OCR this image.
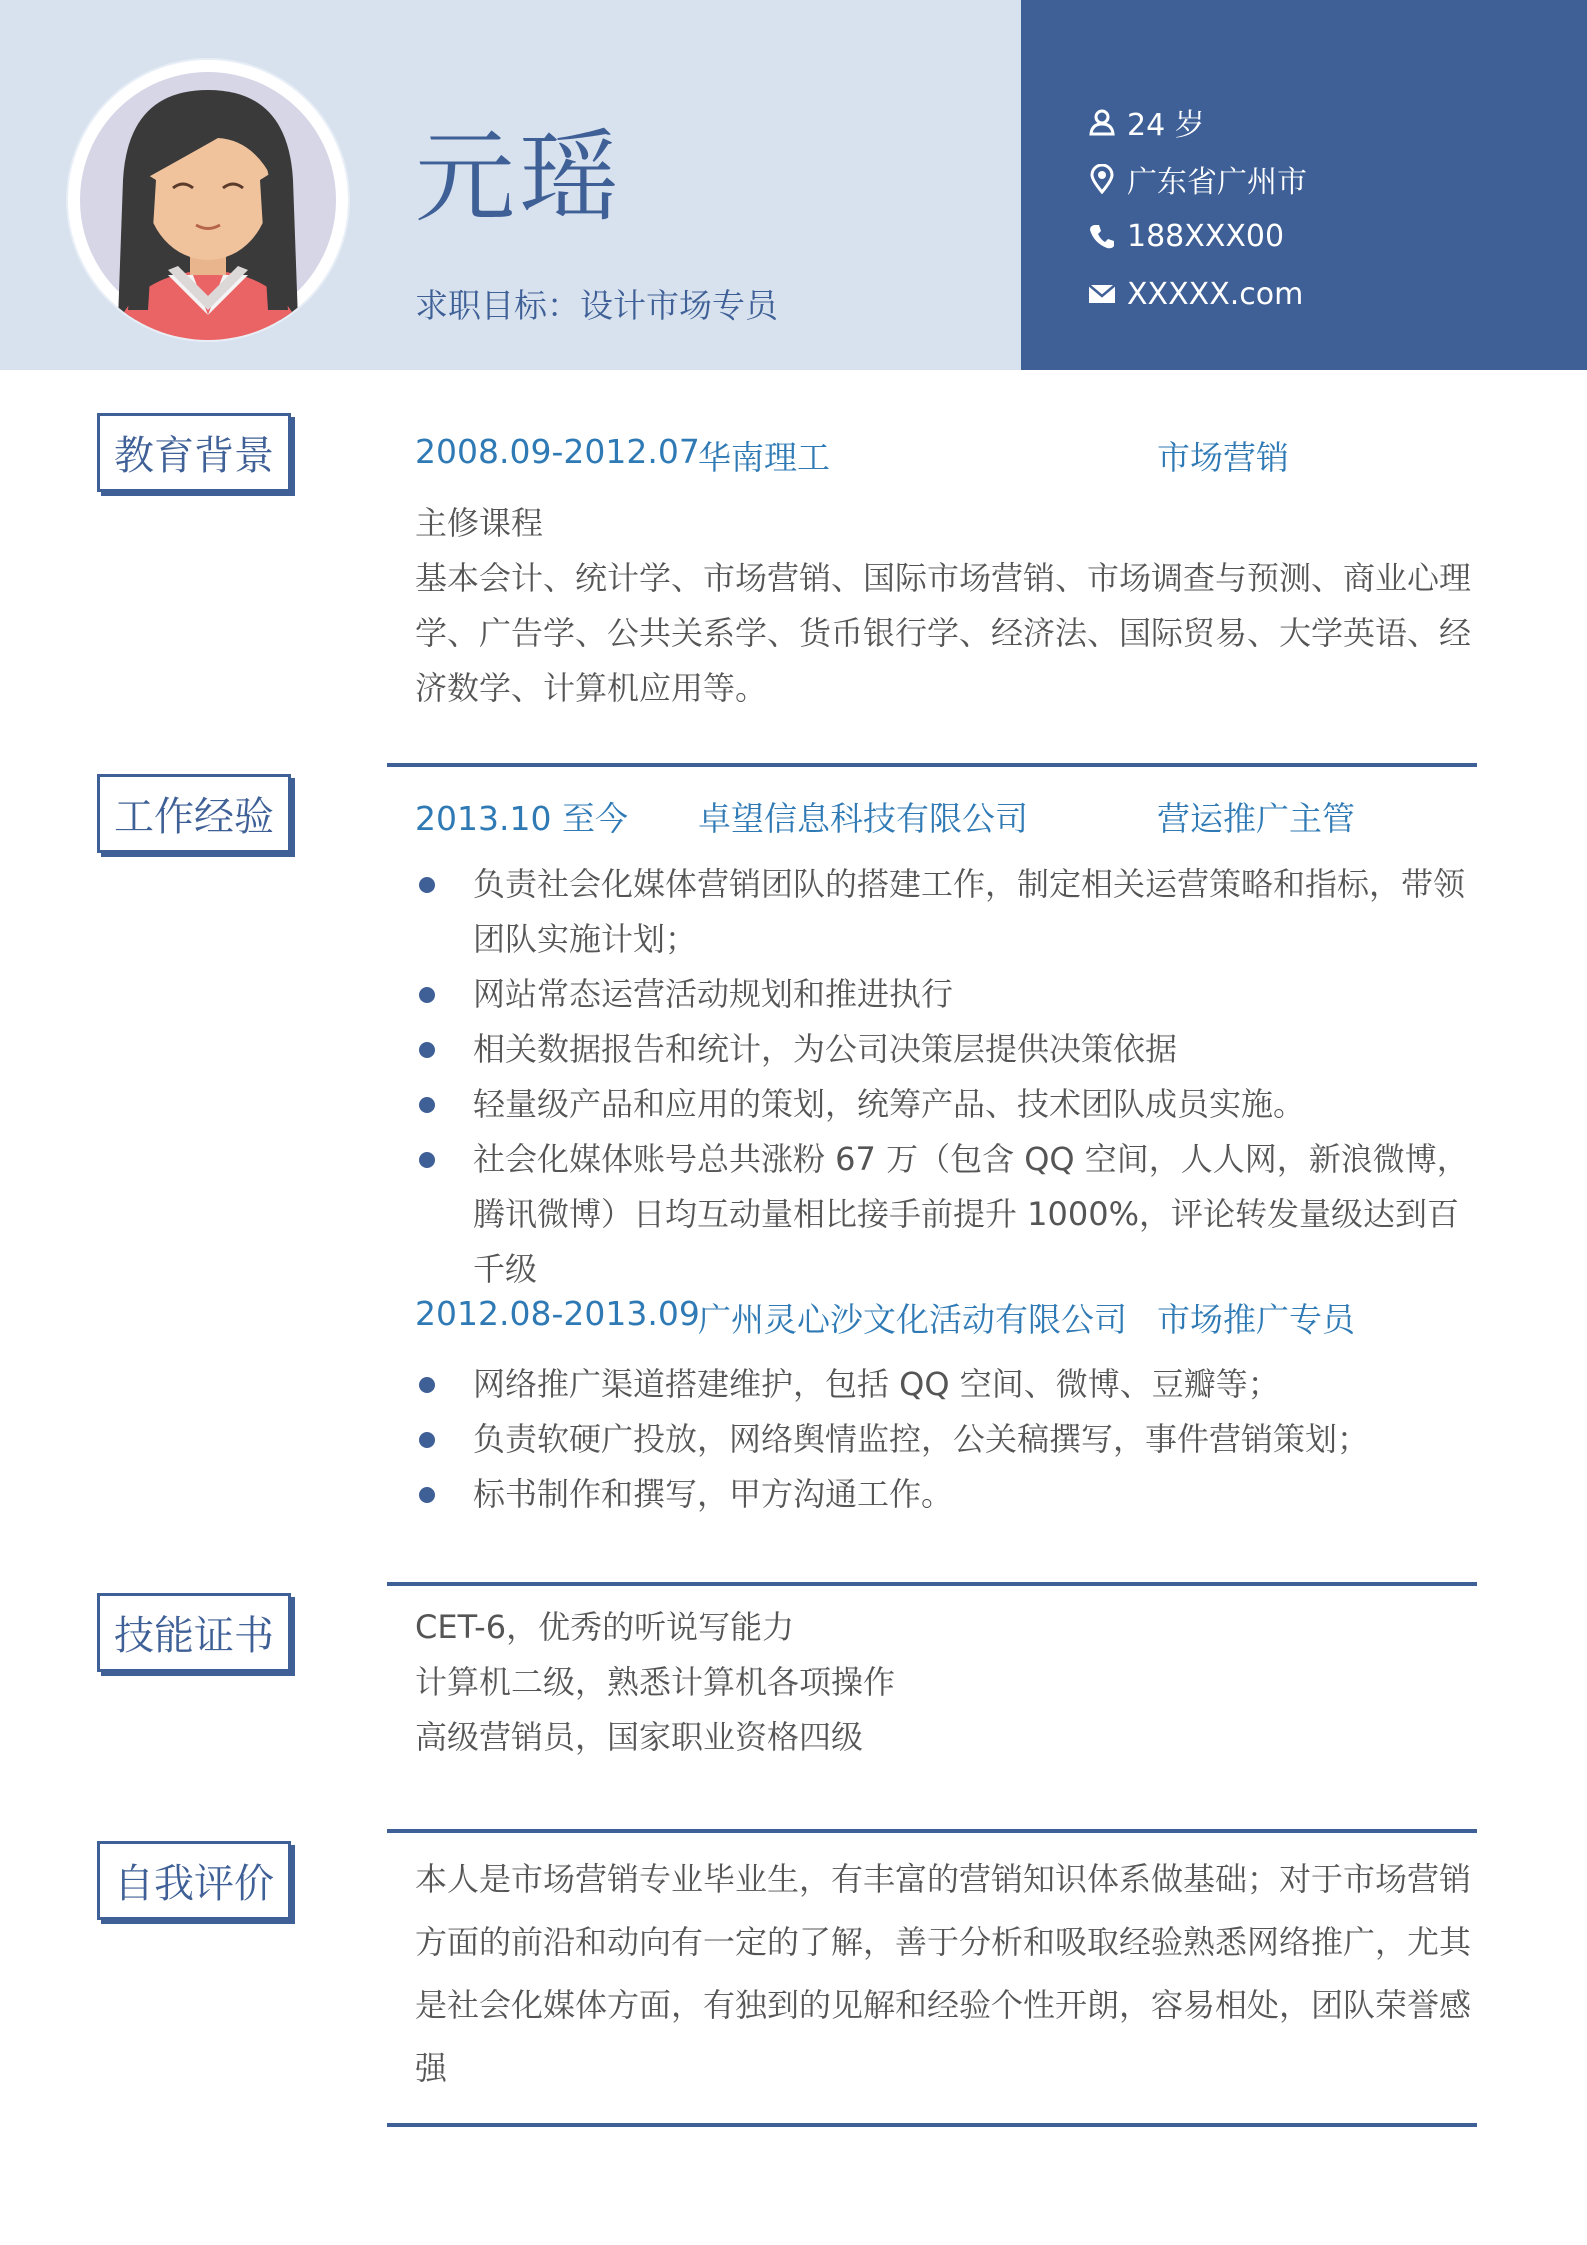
元瑶
求职目标：设计市场专员
24 岁
广东省广州市
188XXX00
XXXXX.com
教育背景	2008.09-2012.07
华南理工	市场营销
主修课程
基本会计、统计学、市场营销、国际市场营销、市场调查与预测、商业心理
学、广告学、公共关系学、货币银行学、经济法、国际贸易、大学英语、经
济数学、计算机应用等。
工作经验	2013.10 至今 卓望信息科技有限公司	营运推广主管
负责社会化媒体营销团队的搭建工作，制定相关运营策略和指标，带领团队实施计划；
网站常态运营活动规划和推进执行
相关数据报告和统计，为公司决策层提供决策依据
轻量级产品和应用的策划，统筹产品、技术团队成员实施。
社会化媒体账号总共涨粉 67 万（包含 QQ 空间，人人网，新浪微博，腾讯微博）日均互动量相比接手前提升 1000%，评论转发量级达到百千级
2012.08-2013.09
广州灵心沙文化活动有限公司 市场推广专员
网络推广渠道搭建维护，包括 QQ 空间、微博、豆瓣等；
负责软硬广投放，网络舆情监控，公关稿撰写，事件营销策划；
标书制作和撰写，甲方沟通工作。
技能证书	CET-6，优秀的听说写能力
计算机二级，熟悉计算机各项操作
高级营销员，国家职业资格四级
自我评价	本人是市场营销专业毕业生，有丰富的营销知识体系做基础；对于市场营销方面的前沿和动向有一定的了解，善于分析和吸取经验熟悉网络推广，尤其是社会化媒体方面，有独到的见解和经验个性开朗，容易相处，团队荣誉感强
